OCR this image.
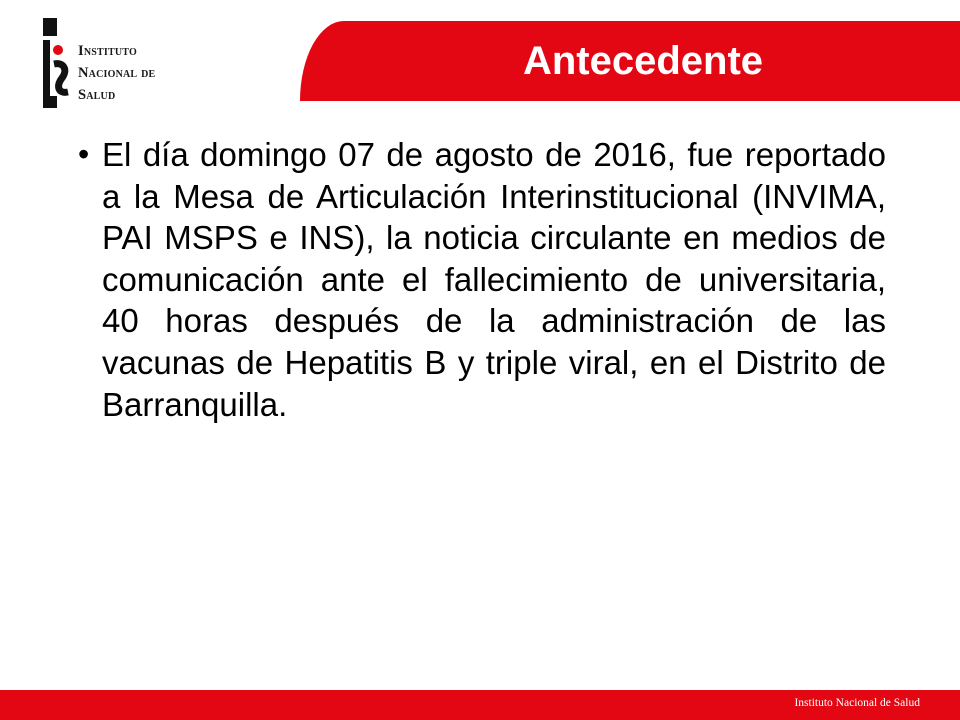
Instituto
Nacional de
Salud
Antecedente
• El día domingo 07 de agosto de 2016, fue reportado a la Mesa de Articulación Interinstitucional (INVIMA, PAI MSPS e INS), la noticia circulante en medios de comunicación ante el fallecimiento de universitaria, 40 horas después de la administración de las vacunas de Hepatitis B y triple viral, en el Distrito de Barranquilla.

Instituto Nacional de Salud
